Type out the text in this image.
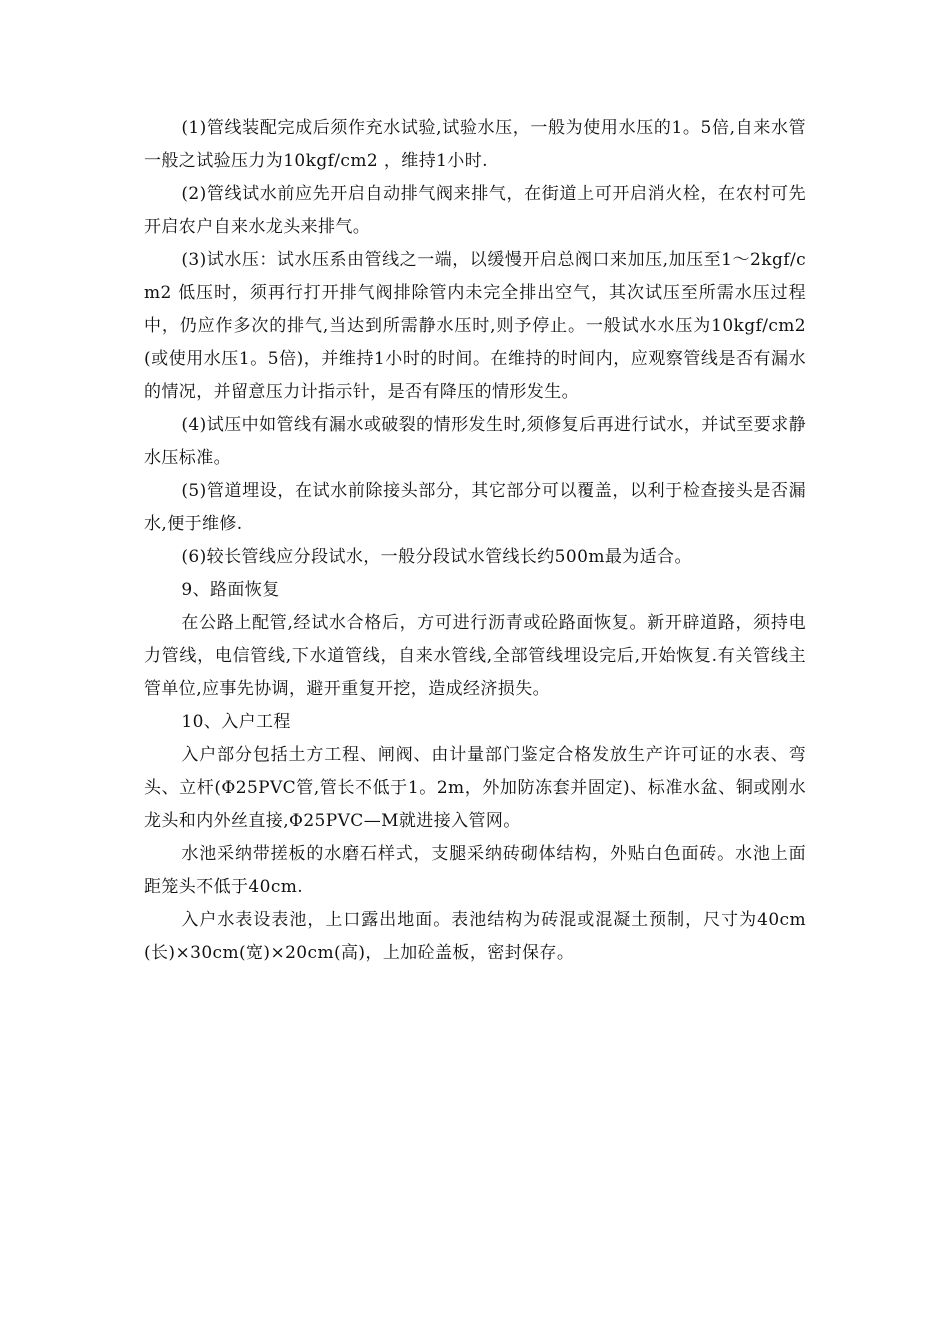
(1)管线装配完成后须作充水试验,试验水压，一般为使用水压的1。5倍,自来水管一般之试验压力为10kgf/cm2 ，维持1小时.

(2)管线试水前应先开启自动排气阀来排气，在街道上可开启消火栓，在农村可先开启农户自来水龙头来排气。

(3)试水压：试水压系由管线之一端，以缓慢开启总阀口来加压,加压至1～2kgf/cm2 低压时，须再行打开排气阀排除管内未完全排出空气，其次试压至所需水压过程中，仍应作多次的排气,当达到所需静水压时,则予停止。一般试水水压为10kgf/cm2 (或使用水压1。5倍)，并维持1小时的时间。在维持的时间内，应观察管线是否有漏水的情况，并留意压力计指示针，是否有降压的情形发生。

(4)试压中如管线有漏水或破裂的情形发生时,须修复后再进行试水，并试至要求静水压标准。

(5)管道埋设，在试水前除接头部分，其它部分可以覆盖，以利于检查接头是否漏水,便于维修.

(6)较长管线应分段试水，一般分段试水管线长约500m最为适合。

9、路面恢复

在公路上配管,经试水合格后，方可进行沥青或砼路面恢复。新开辟道路，须持电力管线，电信管线,下水道管线，自来水管线,全部管线埋设完后,开始恢复.有关管线主管单位,应事先协调，避开重复开挖，造成经济损失。

10、入户工程

入户部分包括土方工程、闸阀、由计量部门鉴定合格发放生产许可证的水表、弯头、立杆(Φ25PVC管,管长不低于1。2m，外加防冻套并固定)、标准水盆、铜或刚水龙头和内外丝直接,Φ25PVC—M就进接入管网。

水池采纳带搓板的水磨石样式，支腿采纳砖砌体结构，外贴白色面砖。水池上面距笼头不低于40cm.

入户水表设表池，上口露出地面。表池结构为砖混或混凝土预制，尺寸为40cm(长)×30cm(宽)×20cm(高)，上加砼盖板，密封保存。
